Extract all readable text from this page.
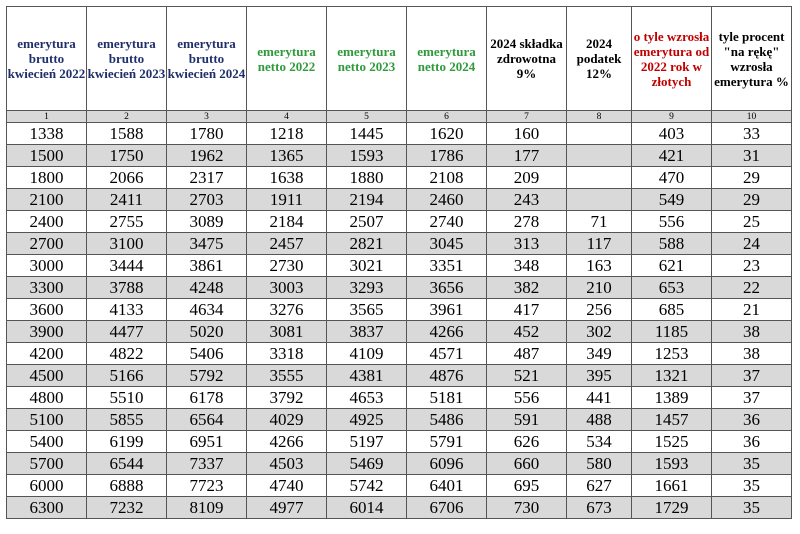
emerytura brutto kwiecień 2022	emerytura brutto kwiecień 2023	emerytura brutto kwiecień 2024	emerytura netto 2022	emerytura netto 2023	emerytura netto 2024	2024 składka zdrowotna 9%	2024 podatek 12%	o tyle wzrosła emerytura od 2022 rok w złotych	tyle procent "na rękę" wzrosła emerytura %
1	2	3	4	5	6	7	8	9	10
1338	1588	1780	1218	1445	1620	160		403	33
1500	1750	1962	1365	1593	1786	177		421	31
1800	2066	2317	1638	1880	2108	209		470	29
2100	2411	2703	1911	2194	2460	243		549	29
2400	2755	3089	2184	2507	2740	278	71	556	25
2700	3100	3475	2457	2821	3045	313	117	588	24
3000	3444	3861	2730	3021	3351	348	163	621	23
3300	3788	4248	3003	3293	3656	382	210	653	22
3600	4133	4634	3276	3565	3961	417	256	685	21
3900	4477	5020	3081	3837	4266	452	302	1185	38
4200	4822	5406	3318	4109	4571	487	349	1253	38
4500	5166	5792	3555	4381	4876	521	395	1321	37
4800	5510	6178	3792	4653	5181	556	441	1389	37
5100	5855	6564	4029	4925	5486	591	488	1457	36
5400	6199	6951	4266	5197	5791	626	534	1525	36
5700	6544	7337	4503	5469	6096	660	580	1593	35
6000	6888	7723	4740	5742	6401	695	627	1661	35
6300	7232	8109	4977	6014	6706	730	673	1729	35
